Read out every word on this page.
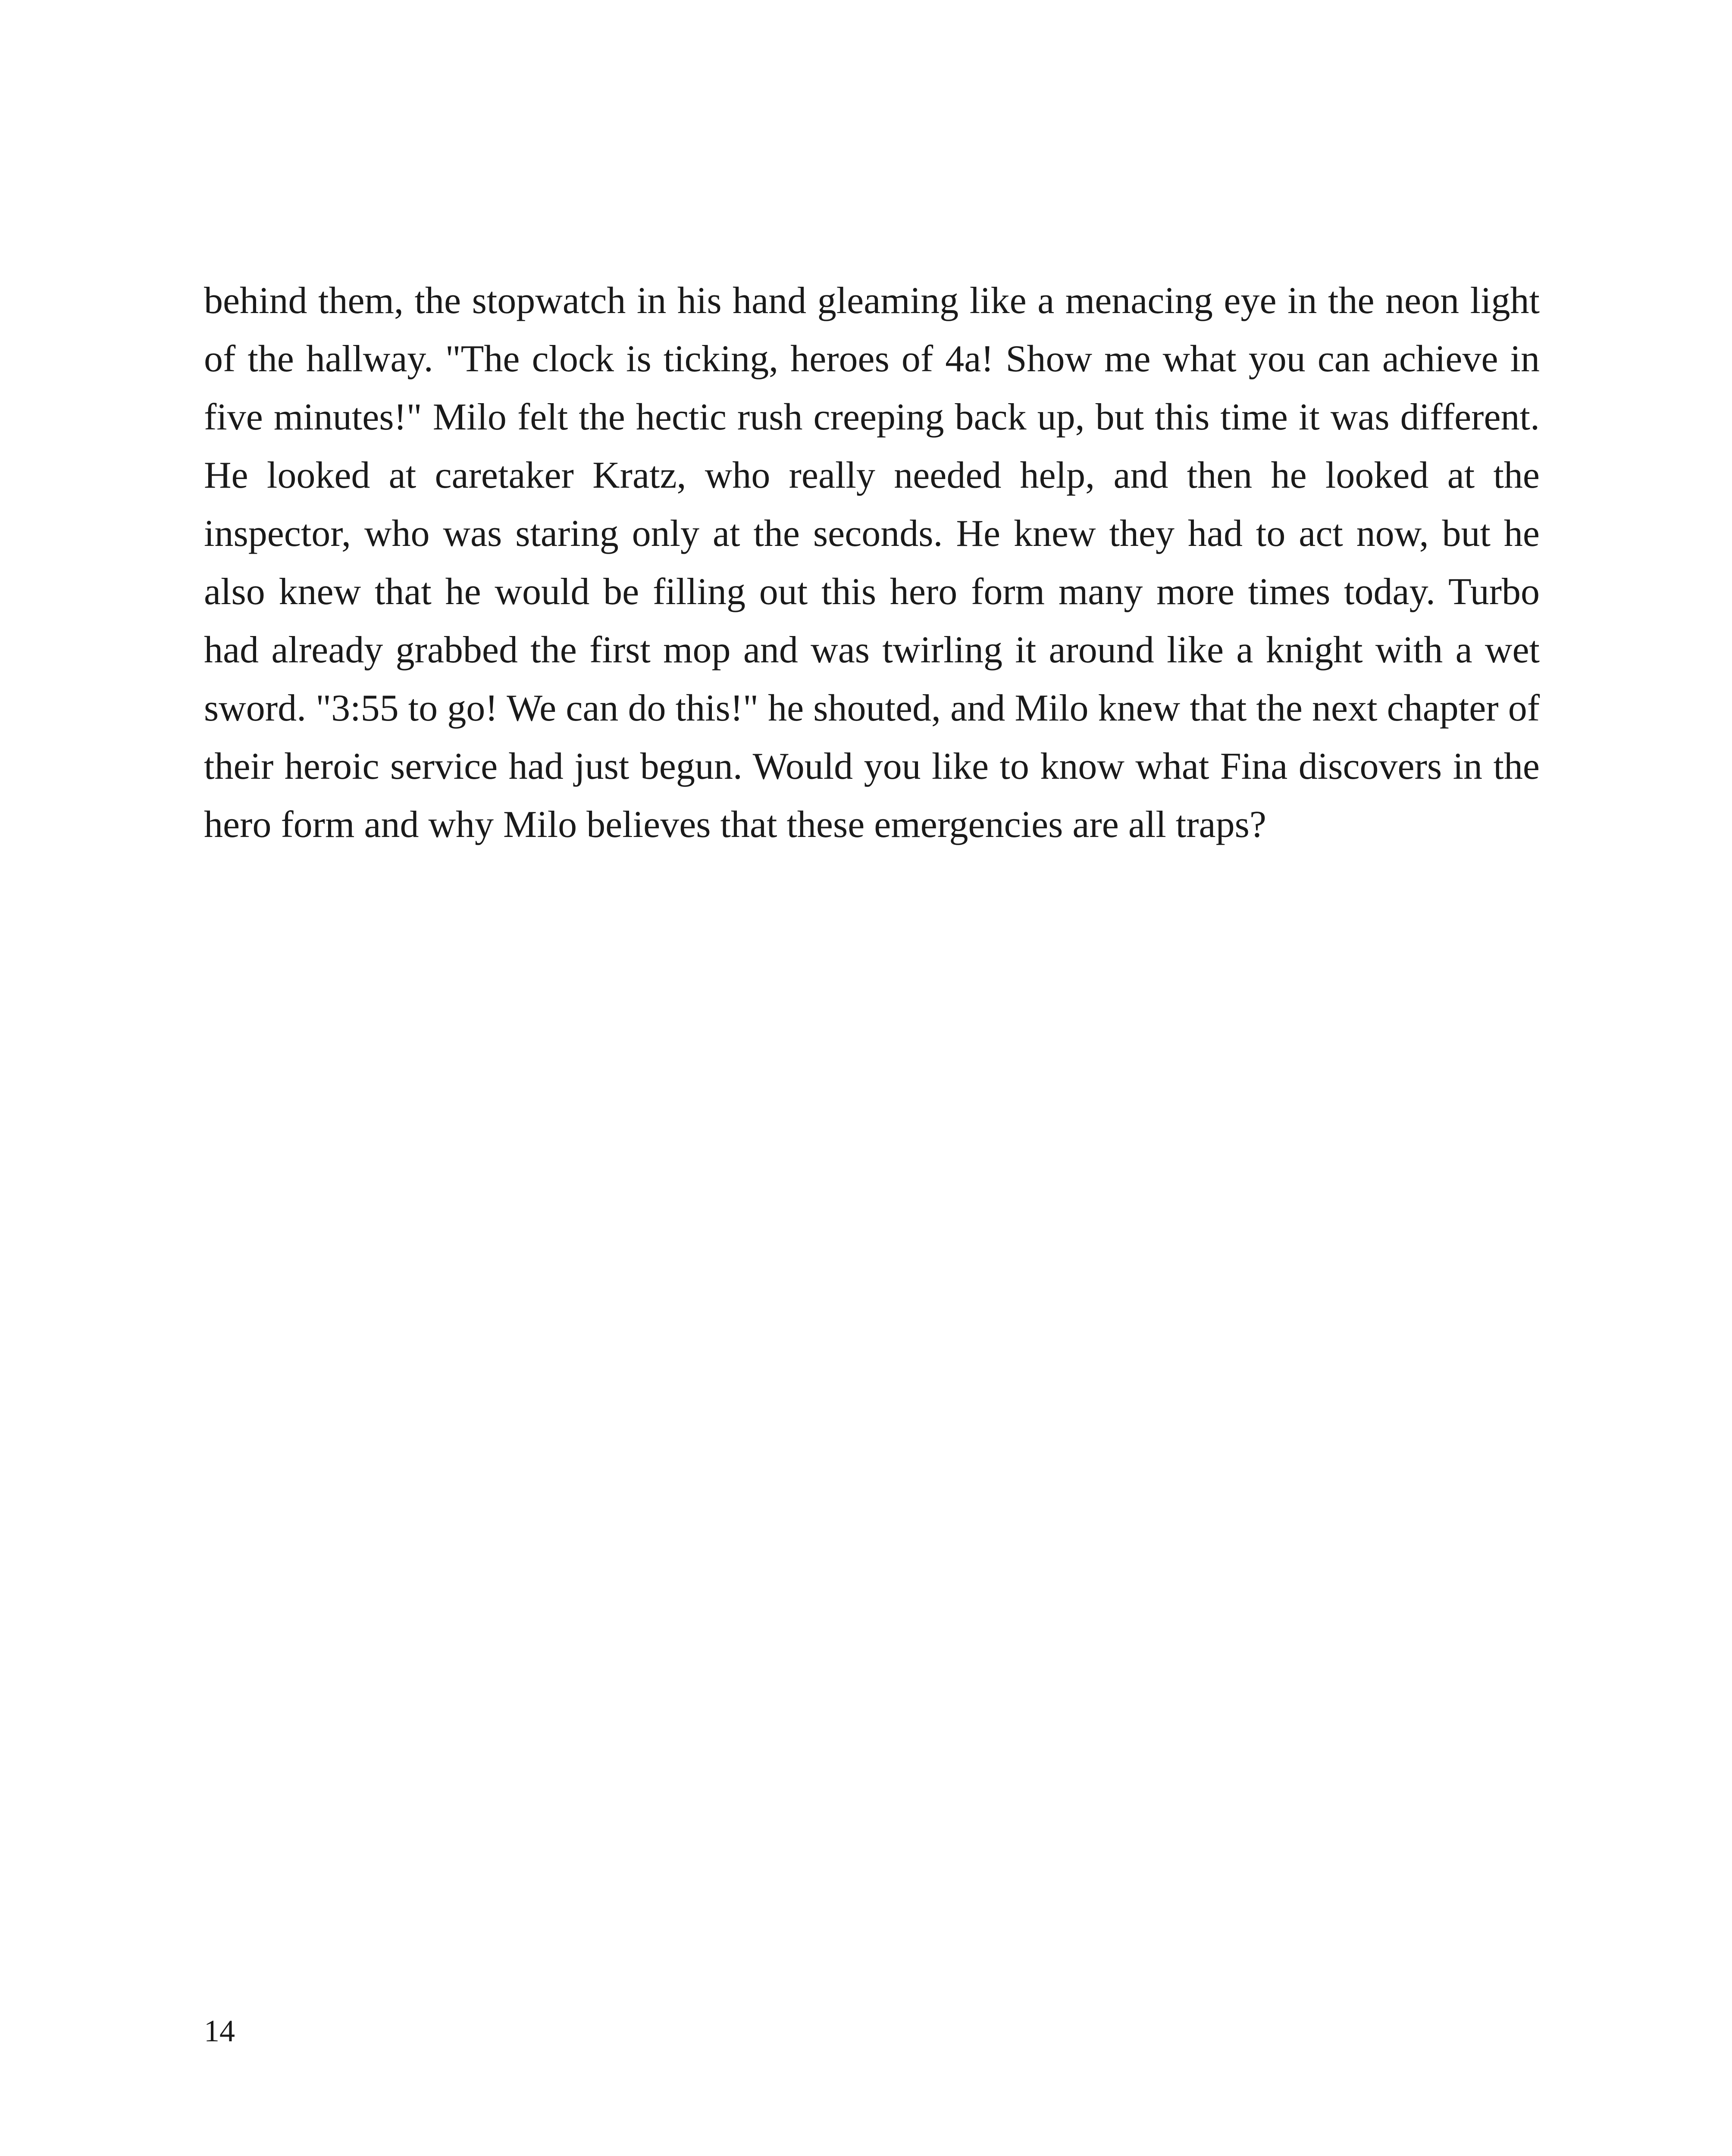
behind them, the stopwatch in his hand gleaming like a menacing eye in the neon light of the hallway. "The clock is ticking, heroes of 4a! Show me what you can achieve in five minutes!" Milo felt the hectic rush creeping back up, but this time it was different. He looked at caretaker Kratz, who really needed help, and then he looked at the inspector, who was staring only at the seconds. He knew they had to act now, but he also knew that he would be filling out this hero form many more times today. Turbo had already grabbed the first mop and was twirling it around like a knight with a wet sword. "3:55 to go! We can do this!" he shouted, and Milo knew that the next chapter of their heroic service had just begun. Would you like to know what Fina discovers in the hero form and why Milo believes that these emergencies are all traps?

14
